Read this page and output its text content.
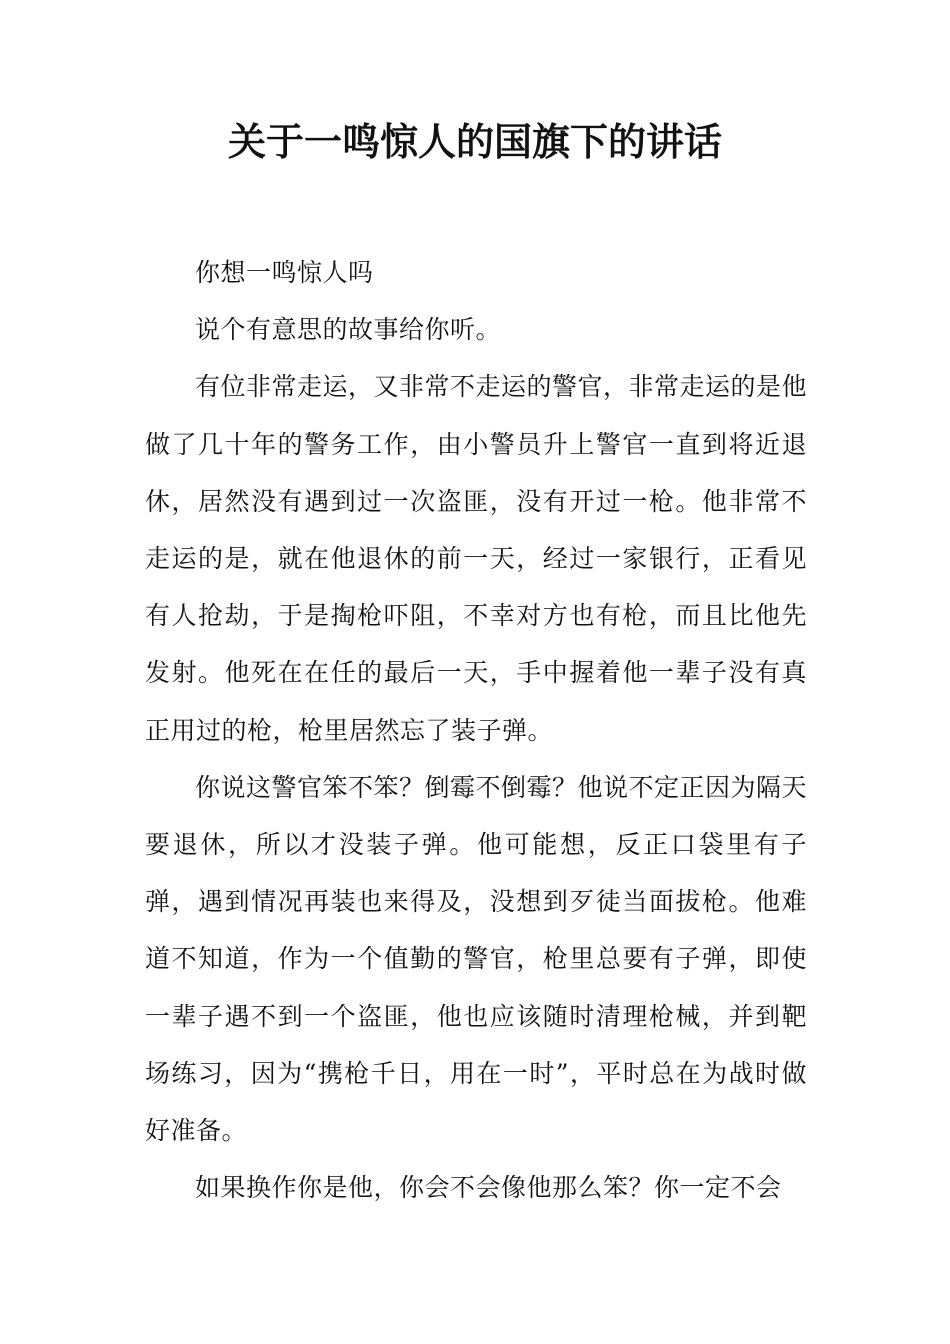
关于一鸣惊人的国旗下的讲话

你想一鸣惊人吗

说个有意思的故事给你听。

有位非常走运，又非常不走运的警官，非常走运的是他做了几十年的警务工作，由小警员升上警官一直到将近退休，居然没有遇到过一次盗匪，没有开过一枪。他非常不走运的是，就在他退休的前一天，经过一家银行，正看见有人抢劫，于是掏枪吓阻，不幸对方也有枪，而且比他先发射。他死在在任的最后一天，手中握着他一辈子没有真正用过的枪，枪里居然忘了装子弹。

你说这警官笨不笨？倒霉不倒霉？他说不定正因为隔天要退休，所以才没装子弹。他可能想，反正口袋里有子弹，遇到情况再装也来得及，没想到歹徒当面拔枪。他难道不知道，作为一个值勤的警官，枪里总要有子弹，即使一辈子遇不到一个盗匪，他也应该随时清理枪械，并到靶场练习，因为“携枪千日，用在一时”，平时总在为战时做好准备。

如果换作你是他，你会不会像他那么笨？你一定不会
